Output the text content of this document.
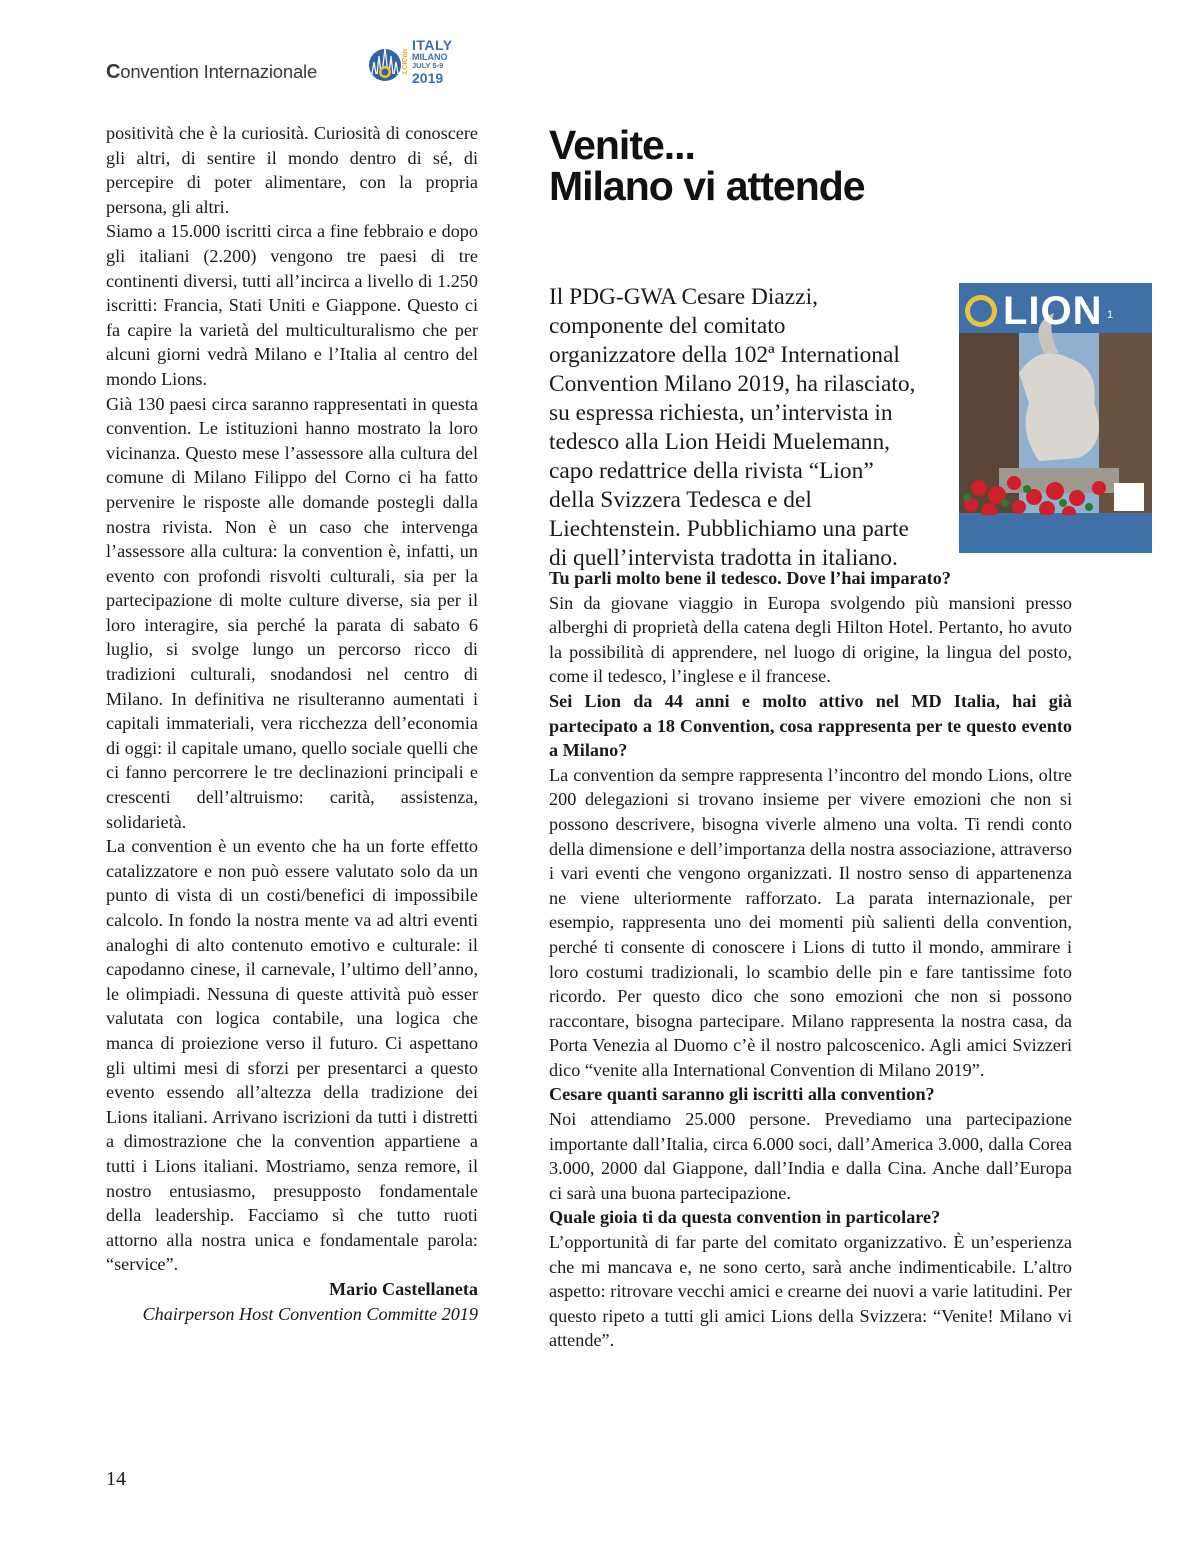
Convention Internazionale	LCICon
ITALY
MILANO
JULY 5-9
2019

positività che è la curiosità. Curiosità di conoscere gli altri, di sentire il mondo dentro di sé, di percepire di poter alimentare, con la propria persona, gli altri.

Siamo a 15.000 iscritti circa a fine febbraio e dopo gli italiani (2.200) vengono tre paesi di tre continenti diversi, tutti all’incirca a livello di 1.250 iscritti: Francia, Stati Uniti e Giappone. Questo ci fa capire la varietà del multiculturalismo che per alcuni giorni vedrà Milano e l’Italia al centro del mondo Lions.

Già 130 paesi circa saranno rappresentati in questa convention. Le istituzioni hanno mostrato la loro vicinanza. Questo mese l’assessore alla cultura del comune di Milano Filippo del Corno ci ha fatto pervenire le risposte alle domande postegli dalla nostra rivista. Non è un caso che intervenga l’assessore alla cultura: la convention è, infatti, un evento con profondi risvolti culturali, sia per la partecipazione di molte culture diverse, sia per il loro interagire, sia perché la parata di sabato 6 luglio, si svolge lungo un percorso ricco di tradizioni culturali, snodandosi nel centro di Milano. In definitiva ne risulteranno aumentati i capitali immateriali, vera ricchezza dell’economia di oggi: il capitale umano, quello sociale quelli che ci fanno percorrere le tre declinazioni principali e crescenti dell’altruismo: carità, assistenza, solidarietà.

La convention è un evento che ha un forte effetto catalizzatore e non può essere valutato solo da un punto di vista di un costi/benefici di impossibile calcolo. In fondo la nostra mente va ad altri eventi analoghi di alto contenuto emotivo e culturale: il capodanno cinese, il carnevale, l’ultimo dell’anno, le olimpiadi. Nessuna di queste attività può esser valutata con logica contabile, una logica che manca di proiezione verso il futuro. Ci aspettano gli ultimi mesi di sforzi per presentarci a questo evento essendo all’altezza della tradizione dei Lions italiani. Arrivano iscrizioni da tutti i distretti a dimostrazione che la convention appartiene a tutti i Lions italiani. Mostriamo, senza remore, il nostro entusiasmo, presupposto fondamentale della leadership. Facciamo sì che tutto ruoti attorno alla nostra unica e fondamentale parola: “service”.

Mario Castellaneta

Chairperson Host Convention Committe 2019

Venite...
Milano vi attende

Il PDG-GWA Cesare Diazzi, componente del comitato organizzatore della 102ª International Convention Milano 2019, ha rilasciato, su espressa richiesta, un’intervista in tedesco alla Lion Heidi Muelemann, capo redattrice della rivista “Lion” della Svizzera Tedesca e del Liechtenstein. Pubblichiamo una parte di quell’intervista tradotta in italiano.

LION 1

Tu parli molto bene il tedesco. Dove l’hai imparato?

Sin da giovane viaggio in Europa svolgendo più mansioni presso alberghi di proprietà della catena degli Hilton Hotel. Pertanto, ho avuto la possibilità di apprendere, nel luogo di origine, la lingua del posto, come il tedesco, l’inglese e il francese.

Sei Lion da 44 anni e molto attivo nel MD Italia, hai già partecipato a 18 Convention, cosa rappresenta per te questo evento a Milano?

La convention da sempre rappresenta l’incontro del mondo Lions, oltre 200 delegazioni si trovano insieme per vivere emozioni che non si possono descrivere, bisogna viverle almeno una volta. Ti rendi conto della dimensione e dell’importanza della nostra associazione, attraverso i vari eventi che vengono organizzati. Il nostro senso di appartenenza ne viene ulteriormente rafforzato. La parata internazionale, per esempio, rappresenta uno dei momenti più salienti della convention, perché ti consente di conoscere i Lions di tutto il mondo, ammirare i loro costumi tradizionali, lo scambio delle pin e fare tantissime foto ricordo. Per questo dico che sono emozioni che non si possono raccontare, bisogna partecipare. Milano rappresenta la nostra casa, da Porta Venezia al Duomo c’è il nostro palcoscenico. Agli amici Svizzeri dico “venite alla International Convention di Milano 2019”.

Cesare quanti saranno gli iscritti alla convention?

Noi attendiamo 25.000 persone. Prevediamo una partecipazione importante dall’Italia, circa 6.000 soci, dall’America 3.000, dalla Corea 3.000, 2000 dal Giappone, dall’India e dalla Cina. Anche dall’Europa ci sarà una buona partecipazione.

Quale gioia ti da questa convention in particolare?

L’opportunità di far parte del comitato organizzativo. È un’esperienza che mi mancava e, ne sono certo, sarà anche indimenticabile. L’altro aspetto: ritrovare vecchi amici e crearne dei nuovi a varie latitudini. Per questo ripeto a tutti gli amici Lions della Svizzera: “Venite! Milano vi attende”.

14
